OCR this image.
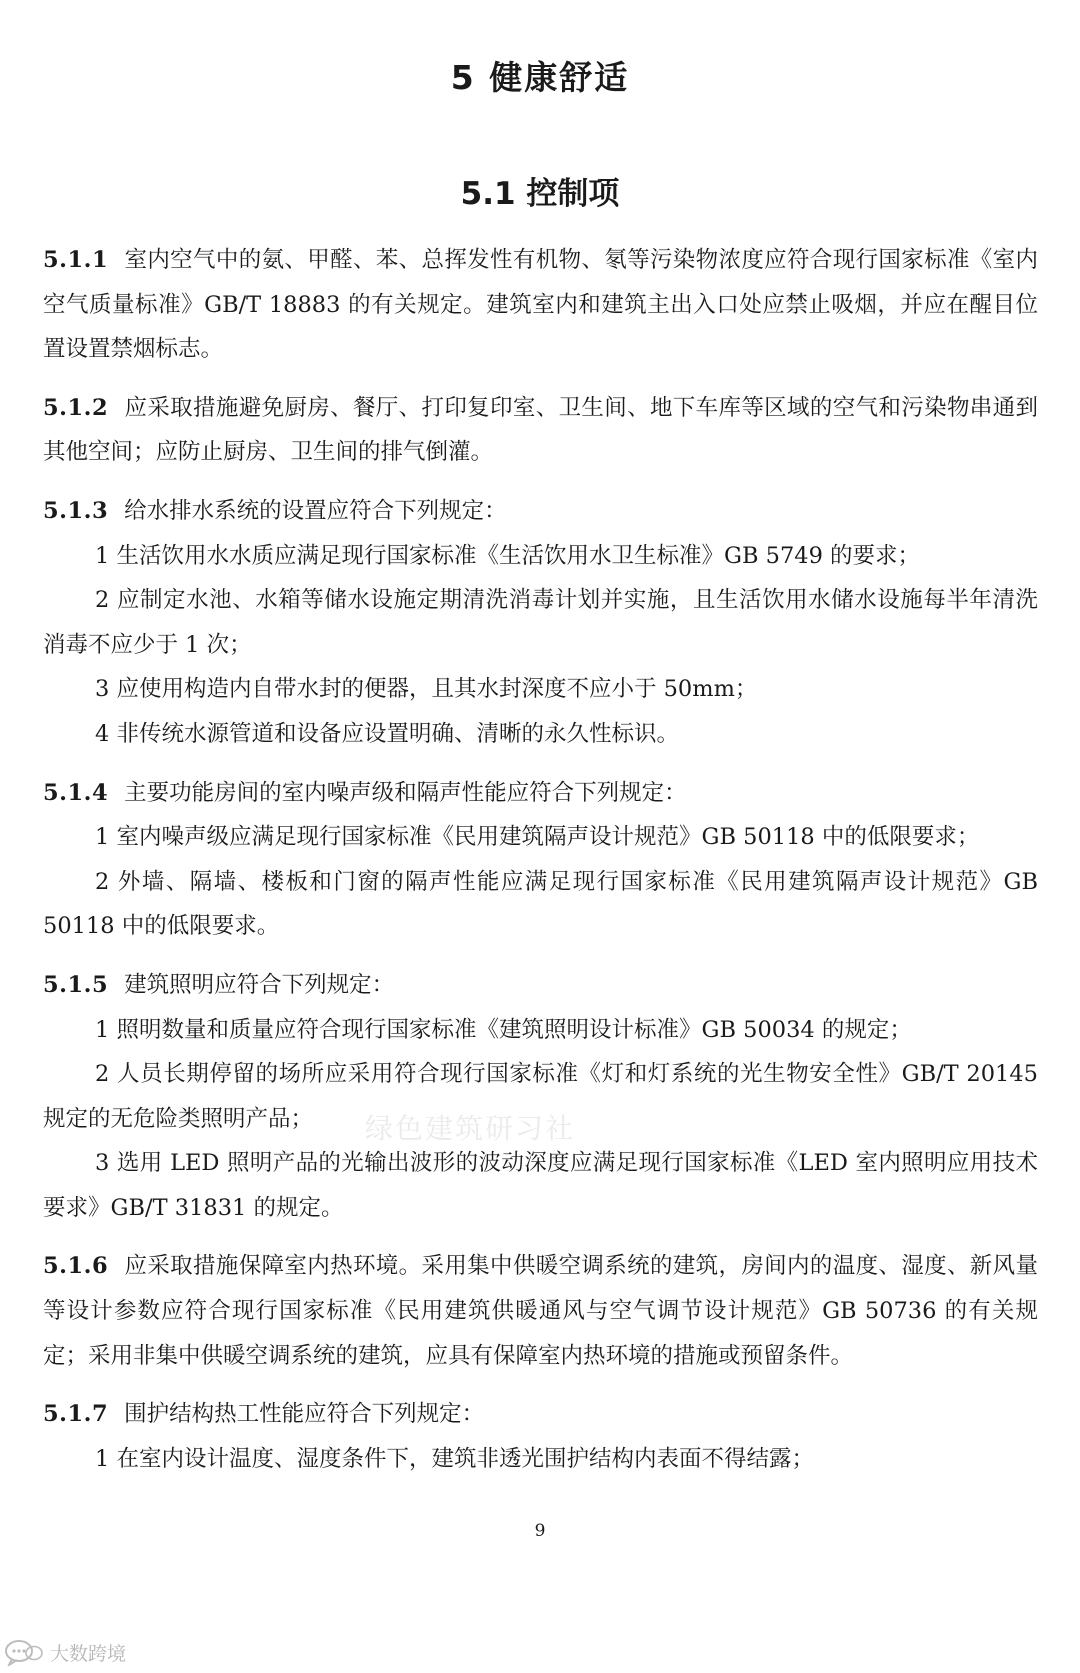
5 健康舒适
5.1 控制项

5.1.1 室内空气中的氨、甲醛、苯、总挥发性有机物、氡等污染物浓度应符合现行国家标准《室内空气质量标准》GB/T 18883 的有关规定。建筑室内和建筑主出入口处应禁止吸烟，并应在醒目位置设置禁烟标志。

5.1.2 应采取措施避免厨房、餐厅、打印复印室、卫生间、地下车库等区域的空气和污染物串通到其他空间；应防止厨房、卫生间的排气倒灌。

5.1.3 给水排水系统的设置应符合下列规定：

1 生活饮用水水质应满足现行国家标准《生活饮用水卫生标准》GB 5749 的要求；

2 应制定水池、水箱等储水设施定期清洗消毒计划并实施，且生活饮用水储水设施每半年清洗消毒不应少于 1 次；

3 应使用构造内自带水封的便器，且其水封深度不应小于 50mm；

4 非传统水源管道和设备应设置明确、清晰的永久性标识。

5.1.4 主要功能房间的室内噪声级和隔声性能应符合下列规定：

1 室内噪声级应满足现行国家标准《民用建筑隔声设计规范》GB 50118 中的低限要求；

2 外墙、隔墙、楼板和门窗的隔声性能应满足现行国家标准《民用建筑隔声设计规范》GB 50118 中的低限要求。

5.1.5 建筑照明应符合下列规定：

1 照明数量和质量应符合现行国家标准《建筑照明设计标准》GB 50034 的规定；

2 人员长期停留的场所应采用符合现行国家标准《灯和灯系统的光生物安全性》GB/T 20145 规定的无危险类照明产品；

3 选用 LED 照明产品的光输出波形的波动深度应满足现行国家标准《LED 室内照明应用技术要求》GB/T 31831 的规定。

5.1.6 应采取措施保障室内热环境。采用集中供暖空调系统的建筑，房间内的温度、湿度、新风量等设计参数应符合现行国家标准《民用建筑供暖通风与空气调节设计规范》GB 50736 的有关规定；采用非集中供暖空调系统的建筑，应具有保障室内热环境的措施或预留条件。

5.1.7 围护结构热工性能应符合下列规定：

1 在室内设计温度、湿度条件下，建筑非透光围护结构内表面不得结露；

绿色建筑研习社
9
大数跨境
